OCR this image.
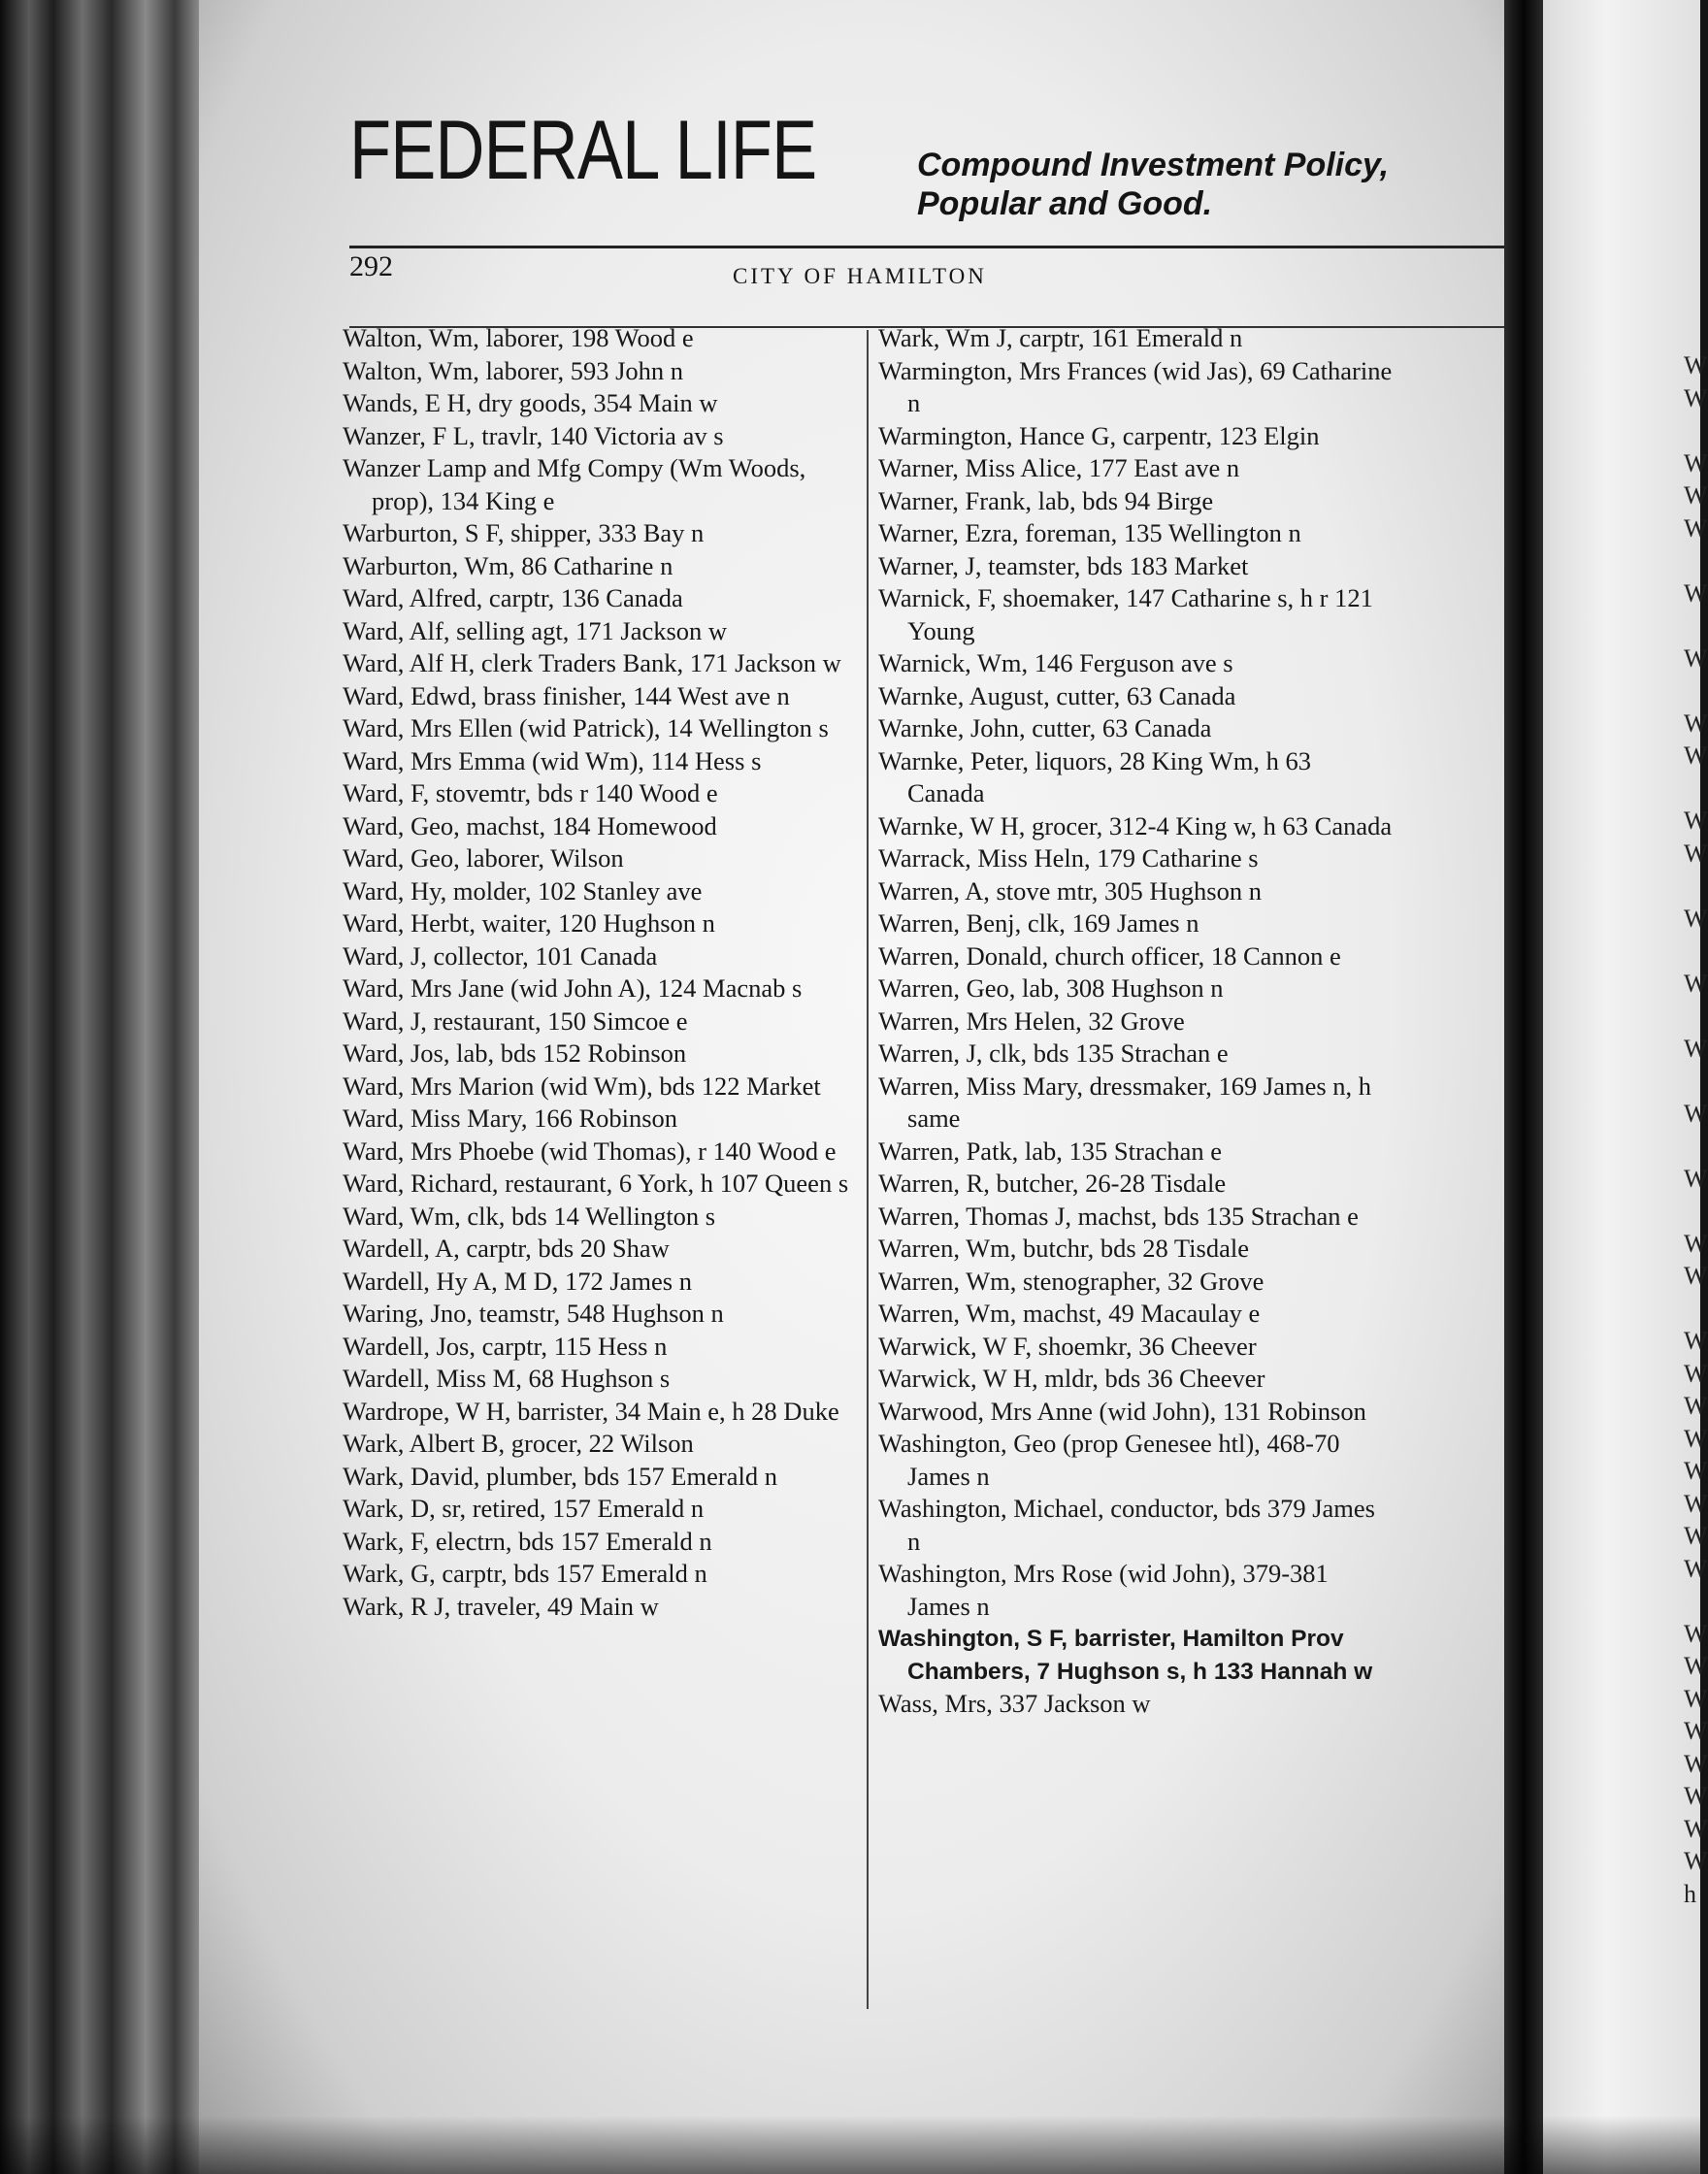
FEDERAL LIFE	Compound Investment Policy,
Popular and Good.
292	CITY OF HAMILTON
Walton, Wm, laborer, 198 Wood e
Walton, Wm, laborer, 593 John n
Wands, E H, dry goods, 354 Main w
Wanzer, F L, travlr, 140 Victoria av s
Wanzer Lamp and Mfg Compy (Wm Woods, prop), 134 King e
Warburton, S F, shipper, 333 Bay n
Warburton, Wm, 86 Catharine n
Ward, Alfred, carptr, 136 Canada
Ward, Alf, selling agt, 171 Jackson w
Ward, Alf H, clerk Traders Bank, 171 Jackson w
Ward, Edwd, brass finisher, 144 West ave n
Ward, Mrs Ellen (wid Patrick), 14 Wellington s
Ward, Mrs Emma (wid Wm), 114 Hess s
Ward, F, stovemtr, bds r 140 Wood e
Ward, Geo, machst, 184 Homewood
Ward, Geo, laborer, Wilson
Ward, Hy, molder, 102 Stanley ave
Ward, Herbt, waiter, 120 Hughson n
Ward, J, collector, 101 Canada
Ward, Mrs Jane (wid John A), 124 Macnab s
Ward, J, restaurant, 150 Simcoe e
Ward, Jos, lab, bds 152 Robinson
Ward, Mrs Marion (wid Wm), bds 122 Market
Ward, Miss Mary, 166 Robinson
Ward, Mrs Phoebe (wid Thomas), r 140 Wood e
Ward, Richard, restaurant, 6 York, h 107 Queen s
Ward, Wm, clk, bds 14 Wellington s
Wardell, A, carptr, bds 20 Shaw
Wardell, Hy A, M D, 172 James n
Waring, Jno, teamstr, 548 Hughson n
Wardell, Jos, carptr, 115 Hess n
Wardell, Miss M, 68 Hughson s
Wardrope, W H, barrister, 34 Main e, h 28 Duke
Wark, Albert B, grocer, 22 Wilson
Wark, David, plumber, bds 157 Emerald n
Wark, D, sr, retired, 157 Emerald n
Wark, F, electrn, bds 157 Emerald n
Wark, G, carptr, bds 157 Emerald n
Wark, R J, traveler, 49 Main w
Wark, Wm J, carptr, 161 Emerald n
Warmington, Mrs Frances (wid Jas), 69 Catharine n
Warmington, Hance G, carpentr, 123 Elgin
Warner, Miss Alice, 177 East ave n
Warner, Frank, lab, bds 94 Birge
Warner, Ezra, foreman, 135 Wellington n
Warner, J, teamster, bds 183 Market
Warnick, F, shoemaker, 147 Catharine s, h r 121 Young
Warnick, Wm, 146 Ferguson ave s
Warnke, August, cutter, 63 Canada
Warnke, John, cutter, 63 Canada
Warnke, Peter, liquors, 28 King Wm, h 63 Canada
Warnke, W H, grocer, 312-4 King w, h 63 Canada
Warrack, Miss Heln, 179 Catharine s
Warren, A, stove mtr, 305 Hughson n
Warren, Benj, clk, 169 James n
Warren, Donald, church officer, 18 Cannon e
Warren, Geo, lab, 308 Hughson n
Warren, Mrs Helen, 32 Grove
Warren, J, clk, bds 135 Strachan e
Warren, Miss Mary, dressmaker, 169 James n, h same
Warren, Patk, lab, 135 Strachan e
Warren, R, butcher, 26-28 Tisdale
Warren, Thomas J, machst, bds 135 Strachan e
Warren, Wm, butchr, bds 28 Tisdale
Warren, Wm, stenographer, 32 Grove
Warren, Wm, machst, 49 Macaulay e
Warwick, W F, shoemkr, 36 Cheever
Warwick, W H, mldr, bds 36 Cheever
Warwood, Mrs Anne (wid John), 131 Robinson
Washington, Geo (prop Genesee htl), 468-70 James n
Washington, Michael, conductor, bds 379 James n
Washington, Mrs Rose (wid John), 379-381 James n
Washington, S F, barrister, Hamilton Prov Chambers, 7 Hughson s, h 133 Hannah w
Wass, Mrs, 337 Jackson w
W
W

W
W
W

W

W

W
W

W
W

W

W

W

W

W

W
W

W
W
W
W
W
W
W
W

W
W
W
W
W
W
W
W
h
